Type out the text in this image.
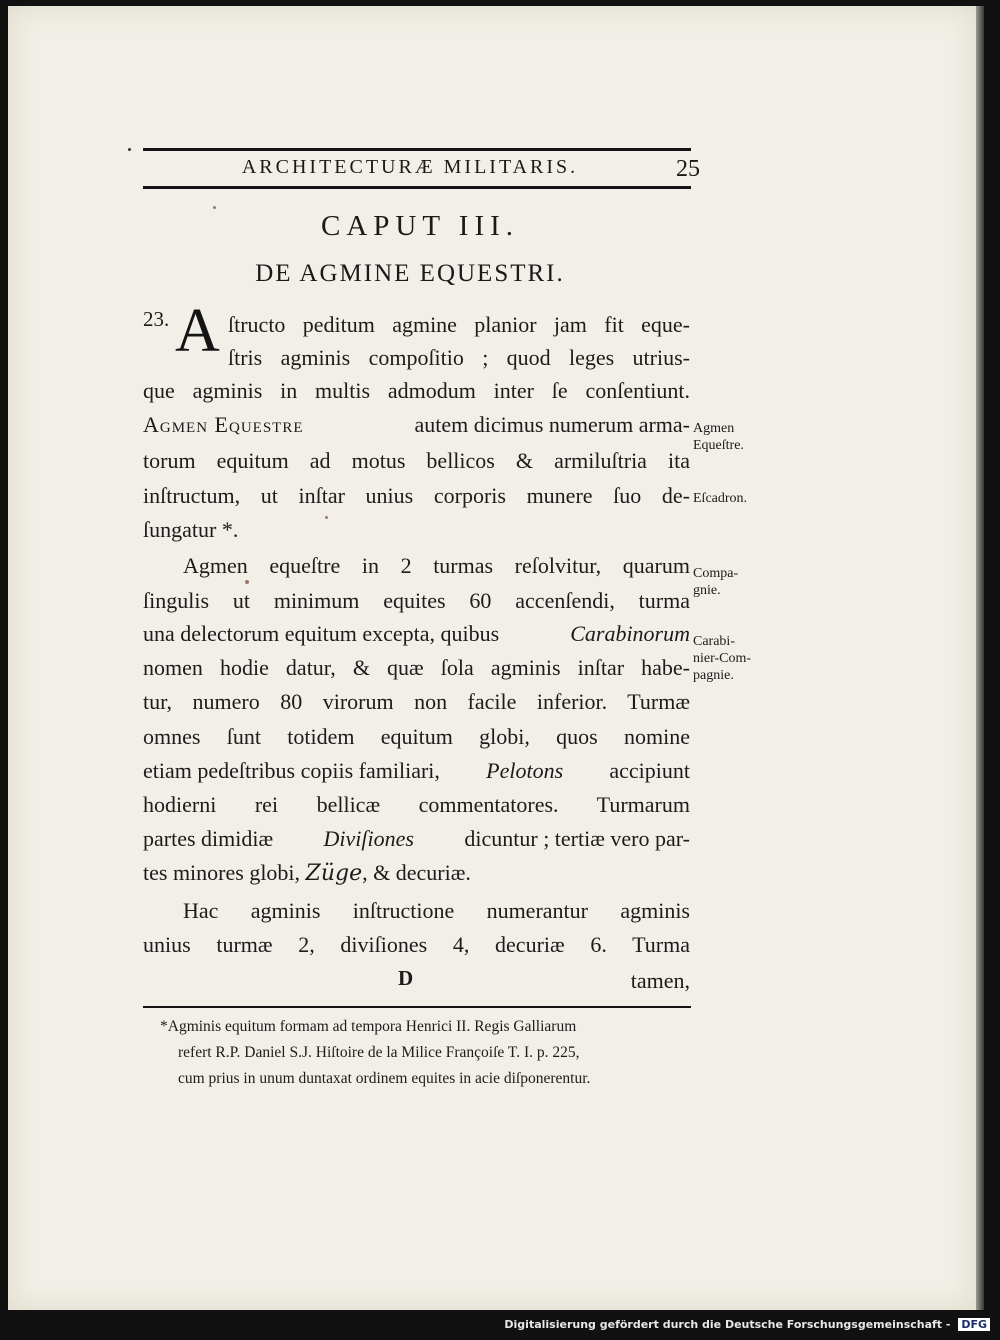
ARCHITECTURÆ MILITARIS.	25
CAPUT III.
DE AGMINE EQUESTRI.
23. A ſtructo peditum agmine planior jam fit eque-
ſtris agminis compoſitio ; quod leges utrius-
que agminis in multis admodum inter ſe conſentiunt.
Agmen Equestre	autem dicimus numerum arma-
torum equitum ad motus bellicos & armiluſtria ita
inſtructum, ut inſtar unius corporis munere ſuo de-
ſungatur *.
Agmen equeſtre in 2 turmas reſolvitur, quarum
ſingulis ut minimum equites 60 accenſendi, turma
una delectorum equitum excepta, quibus	Carabinorum
nomen hodie datur, & quæ ſola agminis inſtar habe-
tur, numero 80 virorum non facile inferior. Turmæ
omnes ſunt totidem equitum globi, quos nomine
etiam pedeſtribus copiis familiari, Pelotons accipiunt
hodierni rei bellicæ commentatores. Turmarum
partes dimidiæ Diviſiones dicuntur ; tertiæ vero par-
tes minores globi, Züge, & decuriæ.
Hac agminis inſtructione numerantur agminis
unius turmæ 2, diviſiones 4, decuriæ 6. Turma
D	tamen,
Agmen Equeſtre.
Eſcadron.
Compa-gnie.
Carabi-nier-Com-pagnie.
*Agminis equitum formam ad tempora Henrici II. Regis Galliarum
refert R.P. Daniel S.J. Hiſtoire de la Milice Françoiſe T. I. p. 225,
cum prius in unum duntaxat ordinem equites in acie diſponerentur.
Digitalisierung gefördert durch die Deutsche Forschungsgemeinschaft - DFG
